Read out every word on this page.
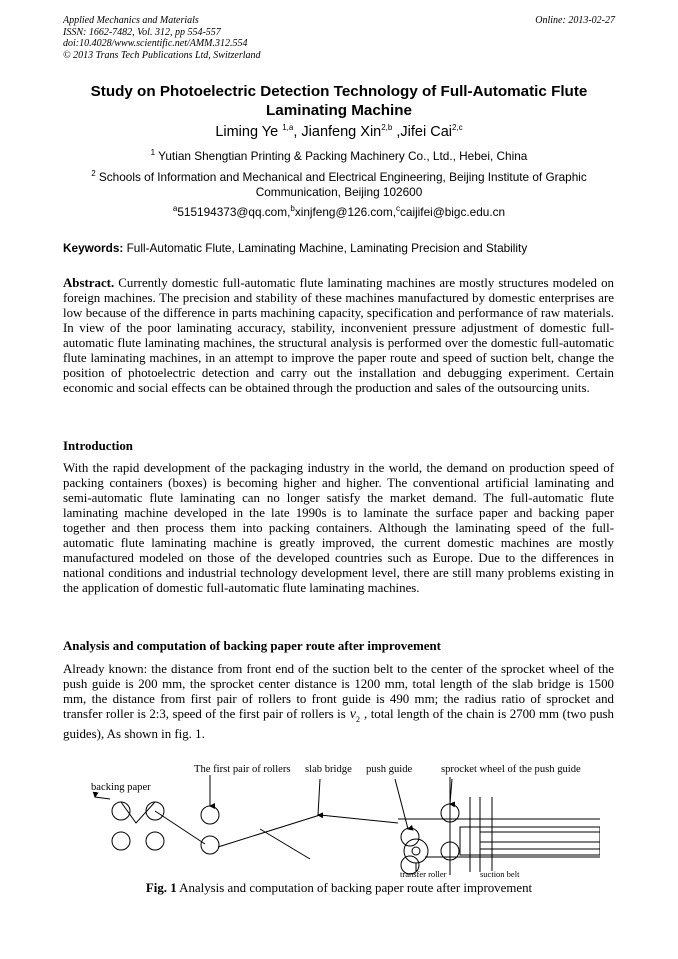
Applied Mechanics and Materials
ISSN: 1662-7482, Vol. 312, pp 554-557
doi:10.4028/www.scientific.net/AMM.312.554
© 2013 Trans Tech Publications Ltd, Switzerland
Online: 2013-02-27
Study on Photoelectric Detection Technology of Full-Automatic Flute Laminating Machine
Liming Ye $^{1,a}$, Jianfeng Xin$^{2,b}$ ,Jifei Cai$^{2,c}$
$^1$ Yutian Shengtian Printing & Packing Machinery Co., Ltd., Hebei, China
$^2$ Schools of Information and Mechanical and Electrical Engineering, Beijing Institute of Graphic Communication, Beijing 102600
$^a$515194373@qq.com,$^b$xinjfeng@126.com,$^c$caijifei@bigc.edu.cn
Keywords: Full-Automatic Flute, Laminating Machine, Laminating Precision and Stability
Abstract. Currently domestic full-automatic flute laminating machines are mostly structures modeled on foreign machines. The precision and stability of these machines manufactured by domestic enterprises are low because of the difference in parts machining capacity, specification and performance of raw materials. In view of the poor laminating accuracy, stability, inconvenient pressure adjustment of domestic full-automatic flute laminating machines, the structural analysis is performed over the domestic full-automatic flute laminating machines, in an attempt to improve the paper route and speed of suction belt, change the position of photoelectric detection and carry out the installation and debugging experiment. Certain economic and social effects can be obtained through the production and sales of the outsourcing units.
Introduction
With the rapid development of the packaging industry in the world, the demand on production speed of packing containers (boxes) is becoming higher and higher. The conventional artificial laminating and semi-automatic flute laminating can no longer satisfy the market demand. The full-automatic flute laminating machine developed in the late 1990s is to laminate the surface paper and backing paper together and then process them into packing containers. Although the laminating speed of the full-automatic flute laminating machine is greatly improved, the current domestic machines are mostly manufactured modeled on those of the developed countries such as Europe. Due to the differences in national conditions and industrial technology development level, there are still many problems existing in the application of domestic full-automatic flute laminating machines.
Analysis and computation of backing paper route after improvement
Already known: the distance from front end of the suction belt to the center of the sprocket wheel of the push guide is 200 mm, the sprocket center distance is 1200 mm, total length of the slab bridge is 1500 mm, the distance from first pair of rollers to front guide is 490 mm; the radius ratio of sprocket and transfer roller is 2:3, speed of the first pair of rollers is $v_2$ , total length of the chain is 2700 mm (two push guides), As shown in fig. 1.
backing paper
The first pair of rollers slab bridge push guide	sprocket wheel of the push guide
transfer roller	suction belt
Fig. 1 Analysis and computation of backing paper route after improvement
